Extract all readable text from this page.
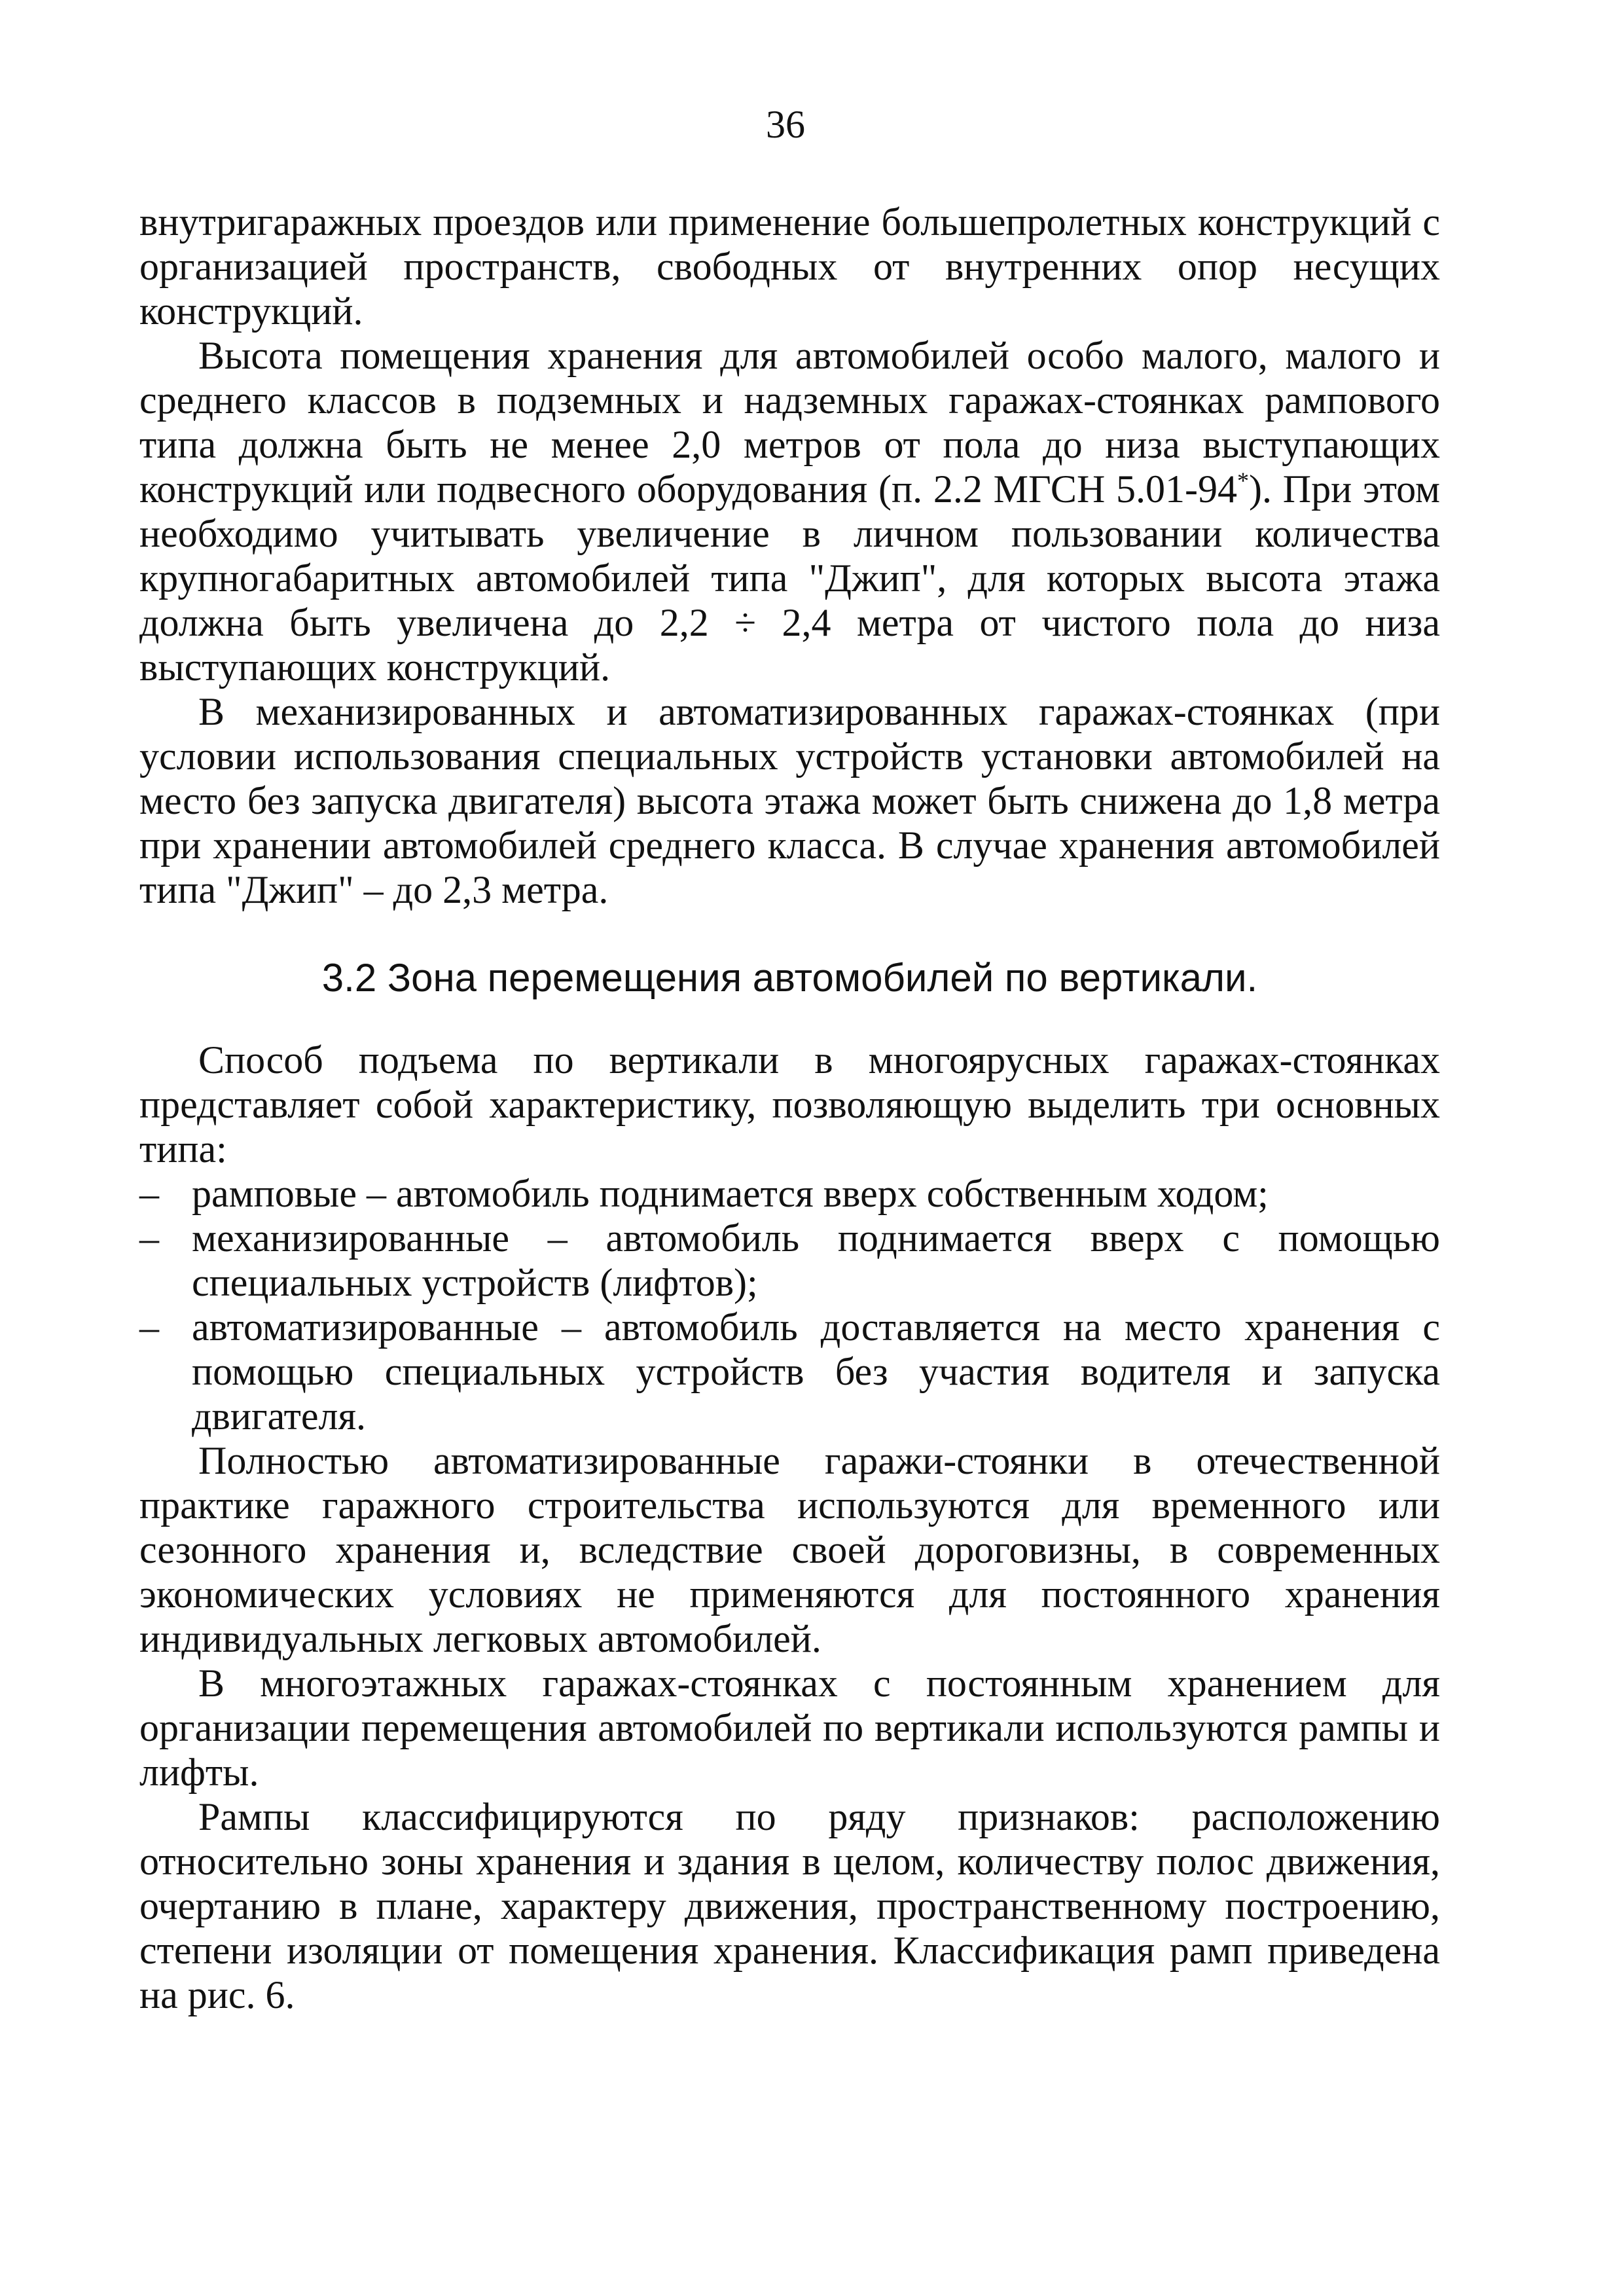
36

внутригаражных проездов или применение большепролетных конструкций с организацией пространств, свободных от внутренних опор несущих конструкций.

Высота помещения хранения для автомобилей особо малого, малого и среднего классов в подземных и надземных гаражах-стоянках рампового типа должна быть не менее 2,0 метров от пола до низа выступающих конструкций или подвесного оборудования (п. 2.2 МГСН 5.01-94*). При этом необходимо учитывать увеличение в личном пользовании количества крупногабаритных автомобилей типа "Джип", для которых высота этажа должна быть увеличена до 2,2 ÷ 2,4 метра от чистого пола до низа выступающих конструкций.

В механизированных и автоматизированных гаражах-стоянках (при условии использования специальных устройств установки автомобилей на место без запуска двигателя) высота этажа может быть снижена до 1,8 метра при хранении автомобилей среднего класса. В случае хранения автомобилей типа "Джип" – до 2,3 метра.

3.2 Зона перемещения автомобилей по вертикали.

Способ подъема по вертикали в многоярусных гаражах-стоянках представляет собой характеристику, позволяющую выделить три основных типа:

– рамповые – автомобиль поднимается вверх собственным ходом;
– механизированные – автомобиль поднимается вверх с помощью специальных устройств (лифтов);
– автоматизированные – автомобиль доставляется на место хранения с помощью специальных устройств без участия водителя и запуска двигателя.

Полностью автоматизированные гаражи-стоянки в отечественной практике гаражного строительства используются для временного или сезонного хранения и, вследствие своей дороговизны, в современных экономических условиях не применяются для постоянного хранения индивидуальных легковых автомобилей.

В многоэтажных гаражах-стоянках с постоянным хранением для организации перемещения автомобилей по вертикали используются рампы и лифты.

Рампы классифицируются по ряду признаков: расположению относительно зоны хранения и здания в целом, количеству полос движения, очертанию в плане, характеру движения, пространственному построению, степени изоляции от помещения хранения. Классификация рамп приведена на рис. 6.
